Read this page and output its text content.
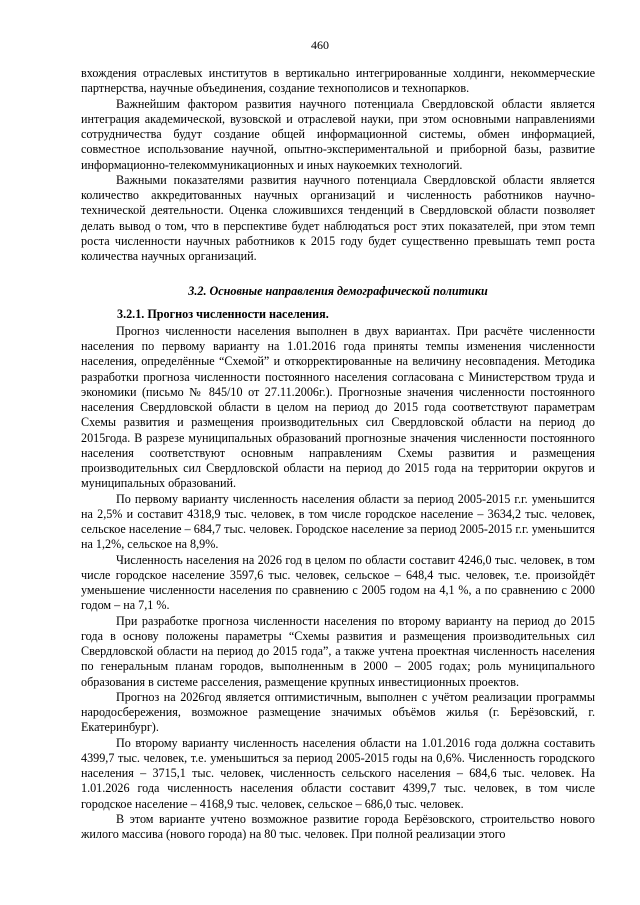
460

вхождения отраслевых институтов в вертикально интегрированные холдинги, некоммерческие партнерства, научные объединения, создание технополисов и технопарков.

Важнейшим фактором развития научного потенциала Свердловской области является интеграция академической, вузовской и отраслевой науки, при этом основными направлениями сотрудничества будут создание общей информационной системы, обмен информацией, совместное использование научной, опытно-экспериментальной и приборной базы, развитие информационно-телекоммуникационных и иных наукоемких технологий.

Важными показателями развития научного потенциала Свердловской области является количество аккредитованных научных организаций и численность работников научно-технической деятельности. Оценка сложившихся тенденций в Свердловской области позволяет делать вывод о том, что в перспективе будет наблюдаться рост этих показателей, при этом темп роста численности научных работников к 2015 году будет существенно превышать темп роста количества научных организаций.

3.2. Основные направления демографической политики

3.2.1. Прогноз численности населения.

Прогноз численности населения выполнен в двух вариантах. При расчёте численности населения по первому варианту на 1.01.2016 года приняты темпы изменения численности населения, определённые “Схемой” и откорректированные на величину несовпадения. Методика разработки прогноза численности постоянного населения согласована с Министерством труда и экономики (письмо № 845/10 от 27.11.2006г.). Прогнозные значения численности постоянного населения Свердловской области в целом на период до 2015 года соответствуют параметрам Схемы развития и размещения производительных сил Свердловской области на период до 2015года. В разрезе муниципальных образований прогнозные значения численности постоянного населения соответствуют основным направлениям Схемы развития и размещения производительных сил Свердловской области на период до 2015 года на территории округов и муниципальных образований.

По первому варианту численность населения области за период 2005-2015 г.г. уменьшится на 2,5% и составит 4318,9 тыс. человек, в том числе городское население – 3634,2 тыс. человек, сельское население – 684,7 тыс. человек. Городское население за период 2005-2015 г.г. уменьшится на 1,2%, сельское на 8,9%.

Численность населения на 2026 год в целом по области составит 4246,0 тыс. человек, в том числе городское население 3597,6 тыс. человек, сельское – 648,4 тыс. человек, т.е. произойдёт уменьшение численности населения по сравнению с 2005 годом на 4,1 %, а по сравнению с 2000 годом – на 7,1 %.

При разработке прогноза численности населения по второму варианту на период до 2015 года в основу положены параметры “Схемы развития и размещения производительных сил Свердловской области на период до 2015 года”, а также учтена проектная численность населения по генеральным планам городов, выполненным в 2000 – 2005 годах; роль муниципального образования в системе расселения, размещение крупных инвестиционных проектов.

Прогноз на 2026год является оптимистичным, выполнен с учётом реализации программы народосбережения, возможное размещение значимых объёмов жилья (г. Берёзовский, г. Екатеринбург).

По второму варианту численность населения области на 1.01.2016 года должна составить 4399,7 тыс. человек, т.е. уменьшиться за период 2005-2015 годы на 0,6%. Численность городского населения – 3715,1 тыс. человек, численность сельского населения – 684,6 тыс. человек. На 1.01.2026 года численность населения области составит 4399,7 тыс. человек, в том числе городское население – 4168,9 тыс. человек, сельское – 686,0 тыс. человек.

В этом варианте учтено возможное развитие города Берёзовского, строительство нового жилого массива (нового города) на 80 тыс. человек. При полной реализации этого
